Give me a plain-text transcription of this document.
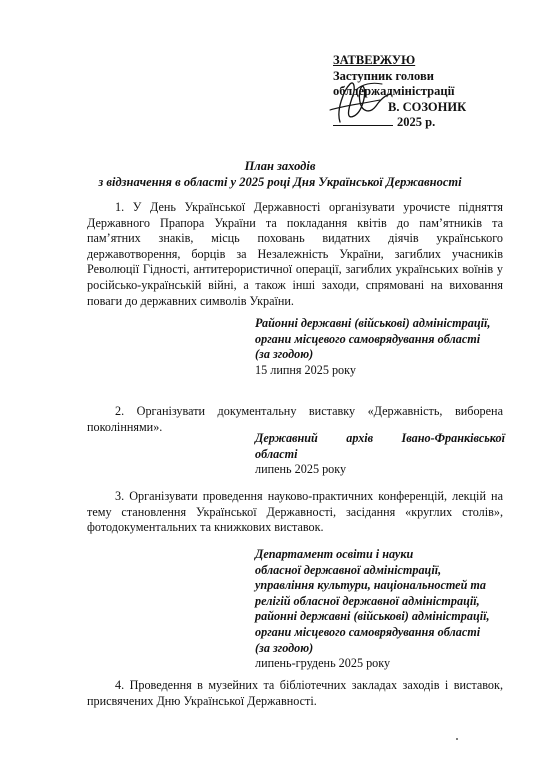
ЗАТВЕРЖУЮ
Заступник голови
облдержадміністрації
В. СОЗОНИК
2025 р.
План заходів
з відзначення в області у 2025 році Дня Української Державності
1. У День Української Державності організувати урочисте підняття Державного Прапора України та покладання квітів до пам’ятників та пам’ятних знаків, місць поховань видатних діячів українського державотворення, борців за Незалежність України, загиблих учасників Революції Гідності, антитерористичної операції, загиблих українських воїнів у російсько-українській війні, а також інші заходи, спрямовані на виховання поваги до державних символів України.
Районні державні (військові) адміністрації,
органи місцевого самоврядування області
(за згодою)
15 липня 2025 року
2. Організувати документальну виставку «Державність, виборена поколіннями».
Державний архів Івано-Франківської
області
липень 2025 року
3. Організувати проведення науково-практичних конференцій, лекцій на тему становлення Української Державності, засідання «круглих столів», фотодокументальних та книжкових виставок.
Департамент освіти і науки
обласної державної адміністрації,
управління культури, національностей та
релігій обласної державної адміністрації,
районні державні (військові) адміністрації,
органи місцевого самоврядування області
(за згодою)
липень-грудень 2025 року
4. Проведення в музейних та бібліотечних закладах заходів і виставок, присвячених Дню Української Державності.
